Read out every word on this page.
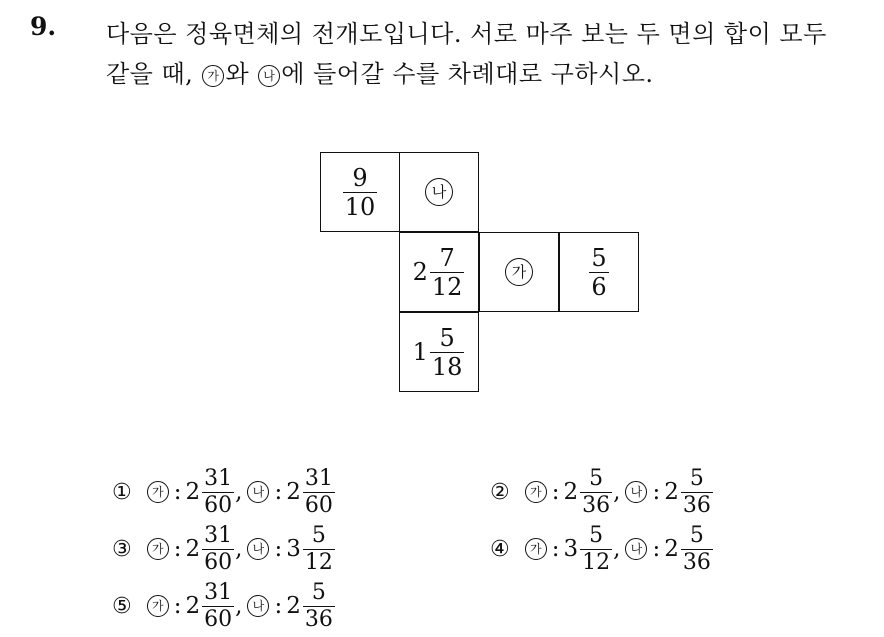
9. 다음은 정육면체의 전개도입니다. 서로 마주 보는 두 면의 합이 모두
같을 때, 가 와 나 에 들어갈 수를 차례대로 구하시오.
$\frac{9}{10}$	나
$2 \frac{7}{12}$	가	$\frac{5}{6}$
$1 \frac{5}{18}$
①	가 : $2 \frac{31}{60}$ , 나 : $2 \frac{31}{60}$	②	가 : $2 \frac{5}{36}$ , 나 : $2 \frac{5}{36}$
③	가 : $2 \frac{31}{60}$ , 나 : $3 \frac{5}{12}$	④	가 : $3 \frac{5}{12}$ , 나 : $2 \frac{5}{36}$
⑤	가 : $2 \frac{31}{60}$ , 나 : $2 \frac{5}{36}$
